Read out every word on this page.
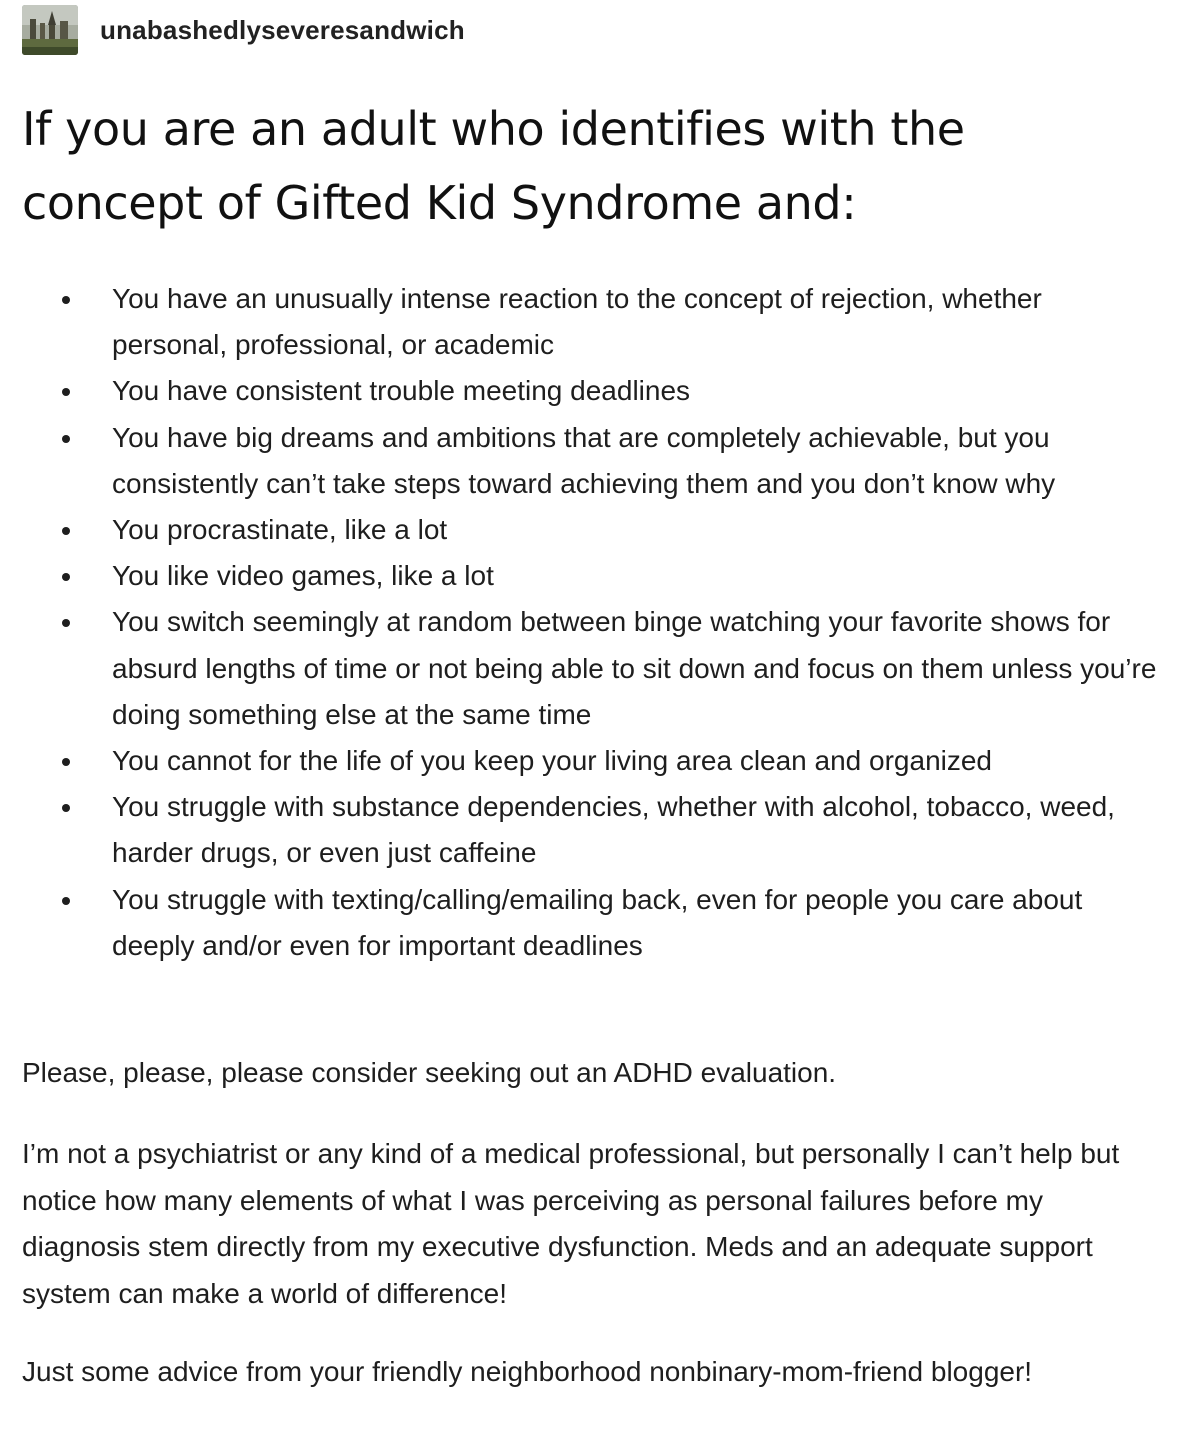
unabashedlyseveresandwich
If you are an adult who identifies with the
concept of Gifted Kid Syndrome and:
You have an unusually intense reaction to the concept of rejection, whether personal, professional, or academic
You have consistent trouble meeting deadlines
You have big dreams and ambitions that are completely achievable, but you consistently can’t take steps toward achieving them and you don’t know why
You procrastinate, like a lot
You like video games, like a lot
You switch seemingly at random between binge watching your favorite shows for absurd lengths of time or not being able to sit down and focus on them unless you’re doing something else at the same time
You cannot for the life of you keep your living area clean and organized
You struggle with substance dependencies, whether with alcohol, tobacco, weed, harder drugs, or even just caffeine
You struggle with texting/calling/emailing back, even for people you care about deeply and/or even for important deadlines

Please, please, please consider seeking out an ADHD evaluation.

I’m not a psychiatrist or any kind of a medical professional, but personally I can’t help but notice how many elements of what I was perceiving as personal failures before my diagnosis stem directly from my executive dysfunction. Meds and an adequate support system can make a world of difference!

Just some advice from your friendly neighborhood nonbinary-mom-friend blogger!
